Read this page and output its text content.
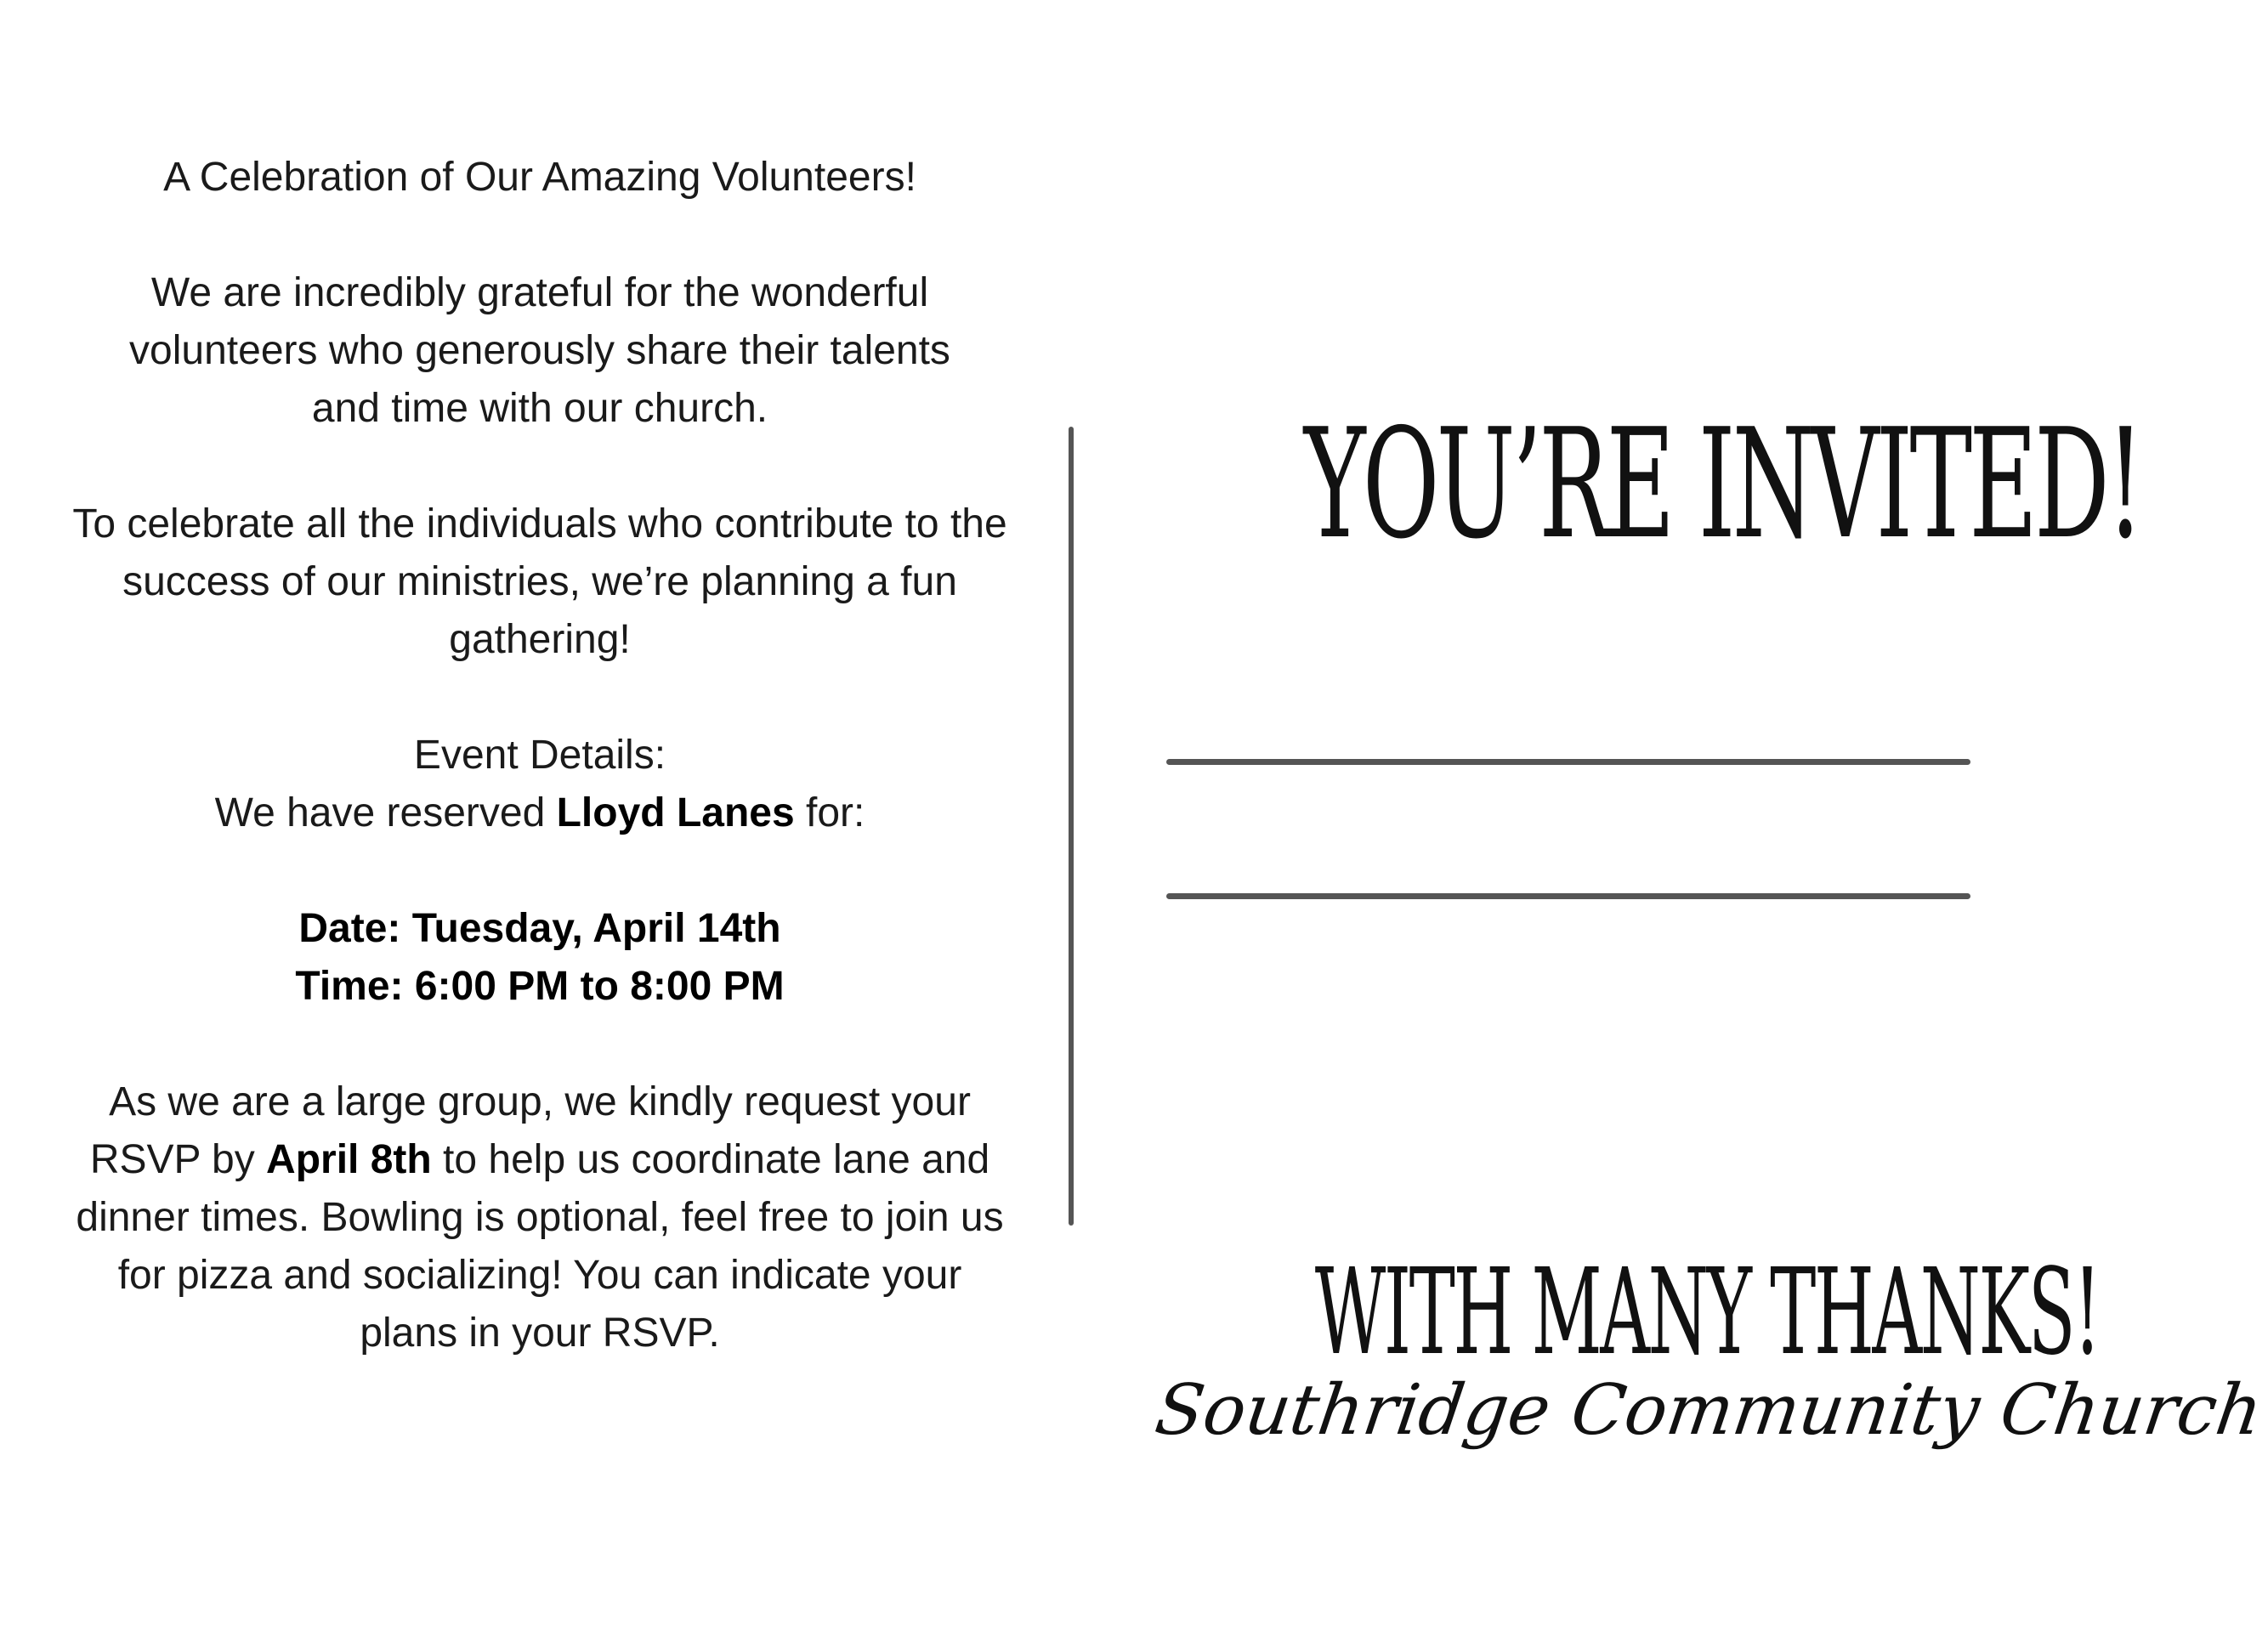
A Celebration of Our Amazing Volunteers!

We are incredibly grateful for the wonderful volunteers who generously share their talents and time with our church.

To celebrate all the individuals who contribute to the success of our ministries, we’re planning a fun gathering!

Event Details:

We have reserved Lloyd Lanes for:

Date: Tuesday, April 14th

Time: 6:00 PM to 8:00 PM

As we are a large group, we kindly request your RSVP by April 8th to help us coordinate lane and dinner times. Bowling is optional, feel free to join us for pizza and socializing! You can indicate your plans in your RSVP.

YOU’RE INVITED!
WITH MANY THANKS!
Southridge Community Church
